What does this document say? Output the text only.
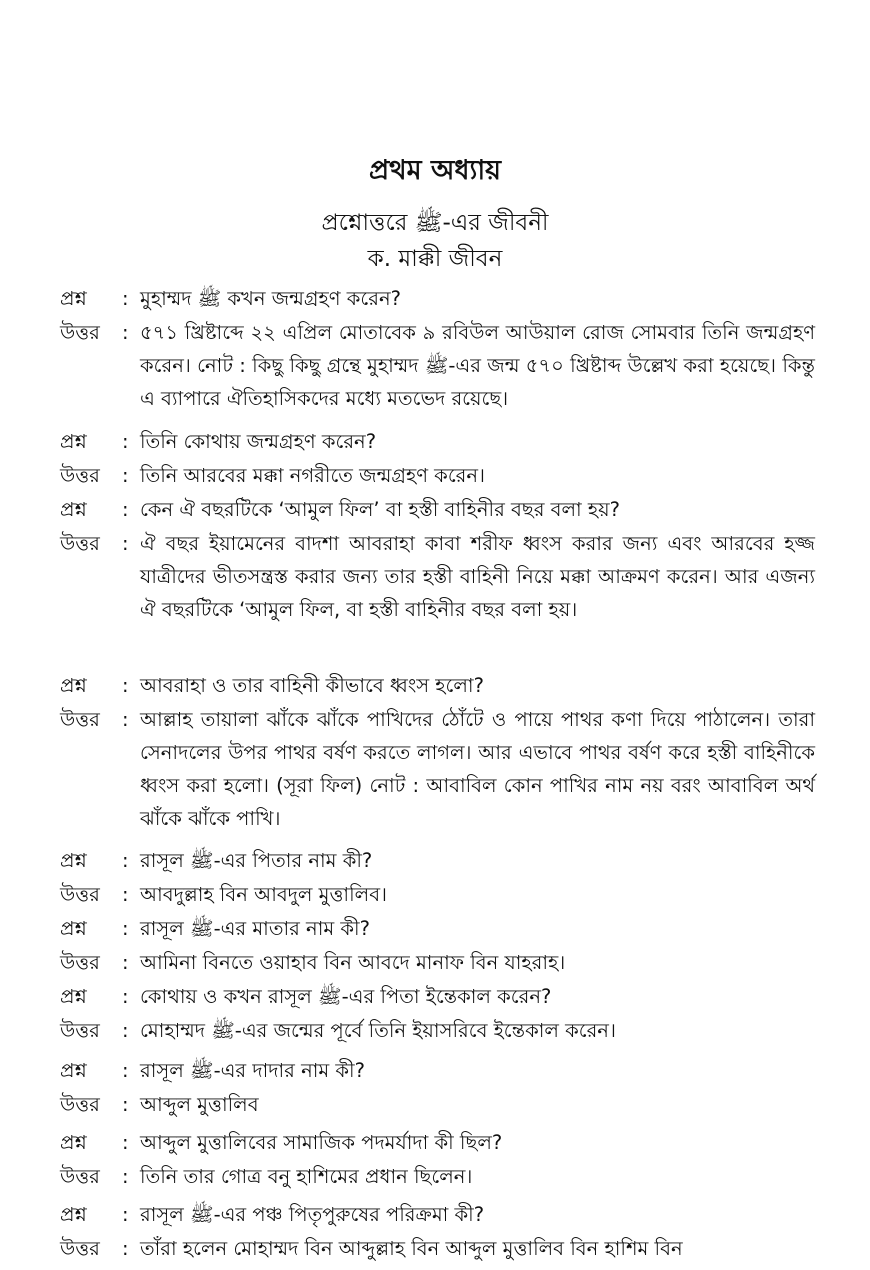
প্রথম অধ্যায়
প্রশ্নোত্তরে ﷺ-এর জীবনী
ক. মাক্কী জীবন
প্রশ্ন	: মুহাম্মদ ﷺ কখন জন্মগ্রহণ করেন?
উত্তর	: ৫৭১ খ্রিষ্টাব্দে ২২ এপ্রিল মোতাবেক ৯ রবিউল আউয়াল রোজ সোমবার তিনি জন্মগ্রহণ করেন। নোট : কিছু কিছু গ্রন্থে মুহাম্মদ ﷺ-এর জন্ম ৫৭০ খ্রিষ্টাব্দ উল্লেখ করা হয়েছে। কিন্তু এ ব্যাপারে ঐতিহাসিকদের মধ্যে মতভেদ রয়েছে।
প্রশ্ন	: তিনি কোথায় জন্মগ্রহণ করেন?
উত্তর	: তিনি আরবের মক্কা নগরীতে জন্মগ্রহণ করেন।
প্রশ্ন	: কেন ঐ বছরটিকে ‘আমুল ফিল’ বা হস্তী বাহিনীর বছর বলা হয়?
উত্তর	: ঐ বছর ইয়ামেনের বাদশা আবরাহা কাবা শরীফ ধ্বংস করার জন্য এবং আরবের হজ্জ যাত্রীদের ভীতসন্ত্রস্ত করার জন্য তার হস্তী বাহিনী নিয়ে মক্কা আক্রমণ করেন। আর এজন্য ঐ বছরটিকে ‘আমুল ফিল, বা হস্তী বাহিনীর বছর বলা হয়।
প্রশ্ন	: আবরাহা ও তার বাহিনী কীভাবে ধ্বংস হলো?
উত্তর	: আল্লাহ তায়ালা ঝাঁকে ঝাঁকে পাখিদের ঠোঁটে ও পায়ে পাথর কণা দিয়ে পাঠালেন। তারা সেনাদলের উপর পাথর বর্ষণ করতে লাগল। আর এভাবে পাথর বর্ষণ করে হস্তী বাহিনীকে ধ্বংস করা হলো। (সূরা ফিল) নোট : আবাবিল কোন পাখির নাম নয় বরং আবাবিল অর্থ ঝাঁকে ঝাঁকে পাখি।
প্রশ্ন	: রাসূল ﷺ-এর পিতার নাম কী?
উত্তর	: আবদুল্লাহ বিন আবদুল মুত্তালিব।
প্রশ্ন	: রাসূল ﷺ-এর মাতার নাম কী?
উত্তর	: আমিনা বিনতে ওয়াহাব বিন আবদে মানাফ বিন যাহরাহ।
প্রশ্ন	: কোথায় ও কখন রাসূল ﷺ-এর পিতা ইন্তেকাল করেন?
উত্তর	: মোহাম্মদ ﷺ-এর জন্মের পূর্বে তিনি ইয়াসরিবে ইন্তেকাল করেন।
প্রশ্ন	: রাসূল ﷺ-এর দাদার নাম কী?
উত্তর	: আব্দুল মুত্তালিব
প্রশ্ন	: আব্দুল মুত্তালিবের সামাজিক পদমর্যাদা কী ছিল?
উত্তর	: তিনি তার গোত্র বনু হাশিমের প্রধান ছিলেন।
প্রশ্ন	: রাসূল ﷺ-এর পঞ্চ পিতৃপুরুষের পরিক্রমা কী?
উত্তর	: তাঁরা হলেন মোহাম্মদ বিন আব্দুল্লাহ বিন আব্দুল মুত্তালিব বিন হাশিম বিন
